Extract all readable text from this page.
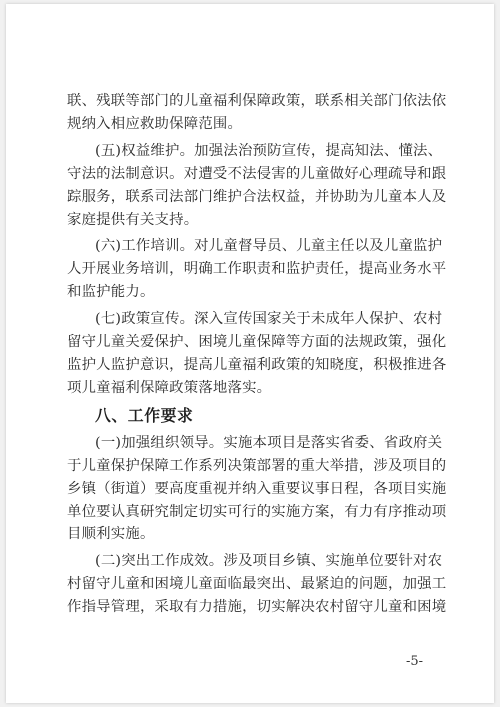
联、残联等部门的儿童福利保障政策，联系相关部门依法依
规纳入相应救助保障范围。
(五)权益维护。加强法治预防宣传，提高知法、懂法、
守法的法制意识。对遭受不法侵害的儿童做好心理疏导和跟
踪服务，联系司法部门维护合法权益，并协助为儿童本人及
家庭提供有关支持。
(六)工作培训。对儿童督导员、儿童主任以及儿童监护
人开展业务培训，明确工作职责和监护责任，提高业务水平
和监护能力。
(七)政策宣传。深入宣传国家关于未成年人保护、农村
留守儿童关爱保护、困境儿童保障等方面的法规政策，强化
监护人监护意识，提高儿童福利政策的知晓度，积极推进各
项儿童福利保障政策落地落实。
八、工作要求
(一)加强组织领导。实施本项目是落实省委、省政府关
于儿童保护保障工作系列决策部署的重大举措，涉及项目的
乡镇（街道）要高度重视并纳入重要议事日程，各项目实施
单位要认真研究制定切实可行的实施方案，有力有序推动项
目顺利实施。
(二)突出工作成效。涉及项目乡镇、实施单位要针对农
村留守儿童和困境儿童面临最突出、最紧迫的问题，加强工
作指导管理，采取有力措施，切实解决农村留守儿童和困境
-5-
